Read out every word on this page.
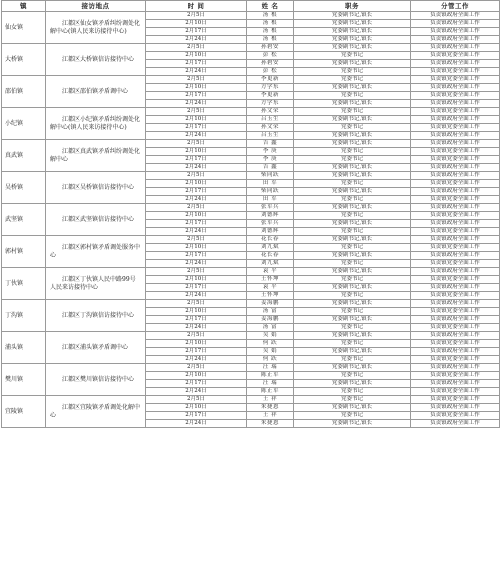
镇	接访地点	时 间	姓 名	职务	分管工作
仙女镇	江都区仙女镇矛盾纠纷调处化解中心(镇人民来访接待中心)	2月5日	汤 根	党委副书记,镇长	负责镇政府全面工作
		2月10日	汤 根	党委副书记,镇长	负责镇政府全面工作
		2月17日	汤 根	党委副书记,镇长	负责镇政府全面工作
		2月24日	汤 根	党委副书记,镇长	负责镇政府全面工作
大桥镇	江都区大桥镇信访接待中心	2月5日	孙碧安	党委副书记,镇长	负责镇政府全面工作
		2月10日	彭 松	党委书记	负责镇党委全面工作
		2月17日	孙碧安	党委副书记,镇长	负责镇政府全面工作
		2月24日	彭 松	党委书记	负责镇党委全面工作
邵伯镇	江都区邵伯镇矛盾调中心	2月5日	李更新	党委书记	负责镇党委全面工作
		2月10日	方学东	党委副书记,镇长	负责镇政府全面工作
		2月17日	李更新	党委书记	负责镇党委全面工作
		2月24日	方学东	党委副书记,镇长	负责镇政府全面工作
小纪镇	江都区小纪镇矛盾纠纷调处化解中心(镇人民来访接待中心)	2月5日	孙文荣	党委书记	负责镇党委全面工作
		2月10日	吕玉生	党委副书记,镇长	负责镇政府全面工作
		2月17日	孙文荣	党委书记	负责镇党委全面工作
		2月24日	吕玉生	党委副书记,镇长	负责镇政府全面工作
真武镇	江都区真武镇矛盾纠纷调处化解中心	2月5日	吉 鑫	党委副书记,镇长	负责镇政府全面工作
		2月10日	李 庚	党委书记	负责镇党委全面工作
		2月17日	李 庚	党委书记	负责镇党委全面工作
		2月24日	吉 鑫	党委副书记,镇长	负责镇政府全面工作
吴桥镇	江都区吴桥镇信访接待中心	2月5日	柴同跃	党委副书记,镇长	负责镇政府全面工作
		2月10日	田 军	党委书记	负责镇党委全面工作
		2月17日	柴同跃	党委副书记,镇长	负责镇政府全面工作
		2月24日	田 军	党委书记	负责镇党委全面工作
武坚镇	江都区武坚镇信访接待中心	2月5日	张军兵	党委副书记,镇长	负责镇政府全面工作
		2月10日	刘德辉	党委书记	负责镇党委全面工作
		2月17日	张军兵	党委副书记,镇长	负责镇政府全面工作
		2月24日	刘德辉	党委书记	负责镇党委全面工作
郭村镇	江都区郭村镇矛盾调处服务中心	2月5日	花长春	党委副书记,镇长	负责镇政府全面工作
		2月10日	刘九斌	党委书记	负责镇党委全面工作
		2月17日	花长春	党委副书记,镇长	负责镇政府全面工作
		2月24日	刘九斌	党委书记	负责镇党委全面工作
丁伙镇	江都区丁伙镇人民中路99号人民来访接待中心	2月5日	袁 平	党委副书记,镇长	负责镇政府全面工作
		2月10日	王怀坤	党委书记	负责镇党委全面工作
		2月17日	袁 平	党委副书记,镇长	负责镇政府全面工作
		2月24日	王怀坤	党委书记	负责镇党委全面工作
丁沟镇	江都区丁沟镇信访接待中心	2月5日	姜海鹏	党委副书记,镇长	负责镇政府全面工作
		2月10日	汤 富	党委书记	负责镇党委全面工作
		2月17日	姜海鹏	党委副书记,镇长	负责镇政府全面工作
		2月24日	汤 富	党委书记	负责镇党委全面工作
浦头镇	江都区浦头镇矛盾调中心	2月5日	吴 娟	党委副书记,镇长	负责镇政府全面工作
		2月10日	何 跃	党委书记	负责镇党委全面工作
		2月17日	吴 娟	党委副书记,镇长	负责镇政府全面工作
		2月24日	何 跃	党委书记	负责镇党委全面工作
樊川镇	江都区樊川镇信访接待中心	2月5日	汪 瑞	党委副书记,镇长	负责镇政府全面工作
		2月10日	陈正军	党委书记	负责镇党委全面工作
		2月17日	汪 瑞	党委副书记,镇长	负责镇政府全面工作
		2月24日	陈正军	党委书记	负责镇党委全面工作
宜陵镇	江都区宜陵镇矛盾调处化解中心	2月5日	王 祥	党委书记	负责镇党委全面工作
		2月10日	朱捷恩	党委副书记,镇长	负责镇政府全面工作
		2月17日	王 祥	党委书记	负责镇党委全面工作
		2月24日	朱捷恩	党委副书记,镇长	负责镇政府全面工作
